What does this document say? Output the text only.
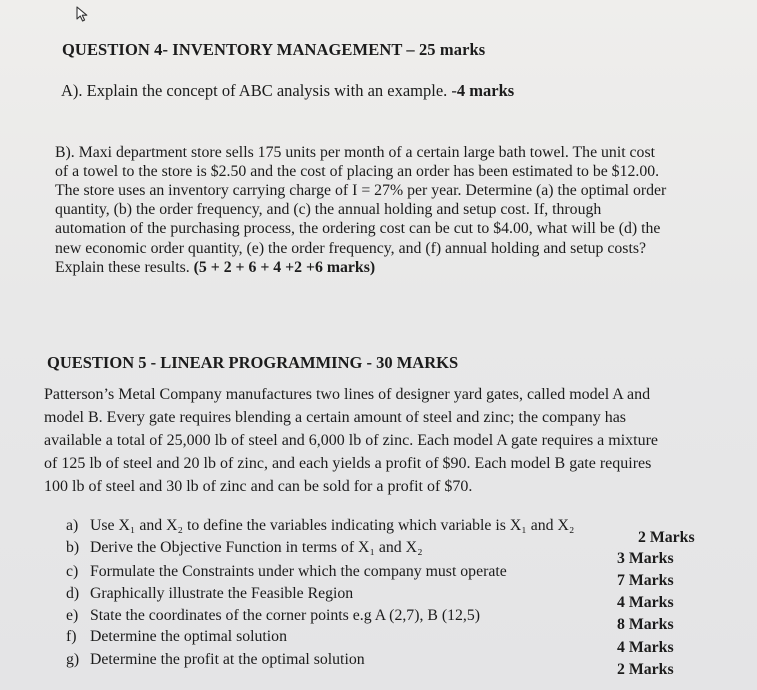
QUESTION 4- INVENTORY MANAGEMENT – 25 marks
A). Explain the concept of ABC analysis with an example. -4 marks
B). Maxi department store sells 175 units per month of a certain large bath towel. The unit cost
of a towel to the store is $2.50 and the cost of placing an order has been estimated to be $12.00.
The store uses an inventory carrying charge of I = 27% per year. Determine (a) the optimal order
quantity, (b) the order frequency, and (c) the annual holding and setup cost. If, through
automation of the purchasing process, the ordering cost can be cut to $4.00, what will be (d) the
new economic order quantity, (e) the order frequency, and (f) annual holding and setup costs?
Explain these results. (5 + 2 + 6 + 4 +2 +6 marks)
QUESTION 5 - LINEAR PROGRAMMING - 30 MARKS
Patterson’s Metal Company manufactures two lines of designer yard gates, called model A and
model B. Every gate requires blending a certain amount of steel and zinc; the company has
available a total of 25,000 lb of steel and 6,000 lb of zinc. Each model A gate requires a mixture
of 125 lb of steel and 20 lb of zinc, and each yields a profit of $90. Each model B gate requires
100 lb of steel and 30 lb of zinc and can be sold for a profit of $70.
a) Use X₁ and X₂ to define the variables indicating which variable is X₁ and X₂
2 Marks
b) Derive the Objective Function in terms of X₁ and X₂
3 Marks
c) Formulate the Constraints under which the company must operate
7 Marks
d) Graphically illustrate the Feasible Region
4 Marks
e) State the coordinates of the corner points e.g A (2,7), B (12,5)
8 Marks
f) Determine the optimal solution
4 Marks
g) Determine the profit at the optimal solution
2 Marks
